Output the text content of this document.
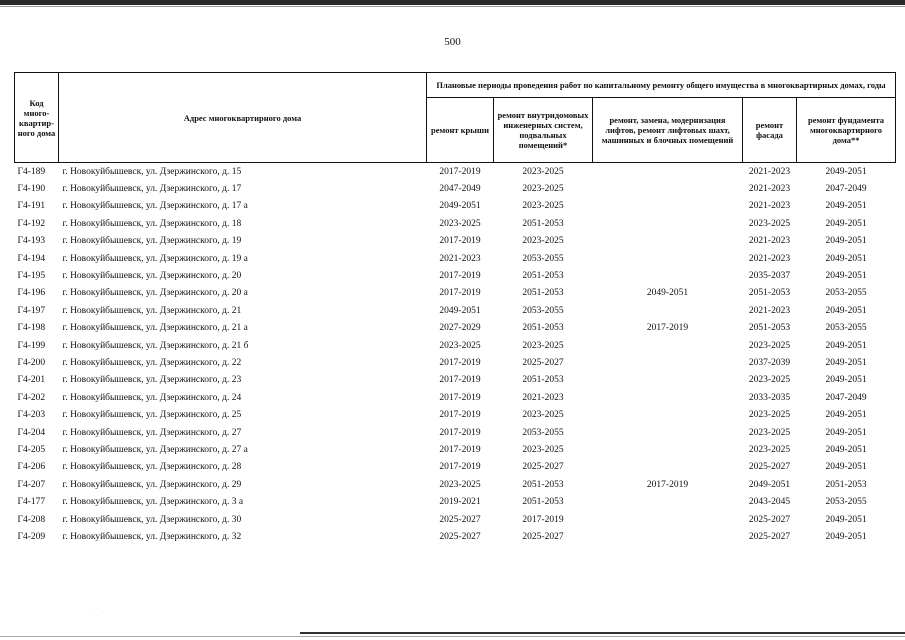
500
Код много-квартир-ного дома	Адрес многоквартирного дома	Плановые периоды проведения работ по капитальному ремонту общего имущества в многоквартирных домах, годы				
		ремонт крыши	ремонт внутридомовых инженерных систем, подвальных помещений*	ремонт, замена, модернизация лифтов, ремонт лифтовых шахт, машинных и блочных помещений	ремонт фасада	ремонт фундамента многоквартирного дома**
Г4-189	г. Новокуйбышевск, ул. Дзержинского, д. 15	2017-2019	2023-2025		2021-2023	2049-2051
Г4-190	г. Новокуйбышевск, ул. Дзержинского, д. 17	2047-2049	2023-2025		2021-2023	2047-2049
Г4-191	г. Новокуйбышевск, ул. Дзержинского, д. 17 а	2049-2051	2023-2025		2021-2023	2049-2051
Г4-192	г. Новокуйбышевск, ул. Дзержинского, д. 18	2023-2025	2051-2053		2023-2025	2049-2051
Г4-193	г. Новокуйбышевск, ул. Дзержинского, д. 19	2017-2019	2023-2025		2021-2023	2049-2051
Г4-194	г. Новокуйбышевск, ул. Дзержинского, д. 19 а	2021-2023	2053-2055		2021-2023	2049-2051
Г4-195	г. Новокуйбышевск, ул. Дзержинского, д. 20	2017-2019	2051-2053		2035-2037	2049-2051
Г4-196	г. Новокуйбышевск, ул. Дзержинского, д. 20 а	2017-2019	2051-2053	2049-2051	2051-2053	2053-2055
Г4-197	г. Новокуйбышевск, ул. Дзержинского, д. 21	2049-2051	2053-2055		2021-2023	2049-2051
Г4-198	г. Новокуйбышевск, ул. Дзержинского, д. 21 а	2027-2029	2051-2053	2017-2019	2051-2053	2053-2055
Г4-199	г. Новокуйбышевск, ул. Дзержинского, д. 21 б	2023-2025	2023-2025		2023-2025	2049-2051
Г4-200	г. Новокуйбышевск, ул. Дзержинского, д. 22	2017-2019	2025-2027		2037-2039	2049-2051
Г4-201	г. Новокуйбышевск, ул. Дзержинского, д. 23	2017-2019	2051-2053		2023-2025	2049-2051
Г4-202	г. Новокуйбышевск, ул. Дзержинского, д. 24	2017-2019	2021-2023		2033-2035	2047-2049
Г4-203	г. Новокуйбышевск, ул. Дзержинского, д. 25	2017-2019	2023-2025		2023-2025	2049-2051
Г4-204	г. Новокуйбышевск, ул. Дзержинского, д. 27	2017-2019	2053-2055		2023-2025	2049-2051
Г4-205	г. Новокуйбышевск, ул. Дзержинского, д. 27 а	2017-2019	2023-2025		2023-2025	2049-2051
Г4-206	г. Новокуйбышевск, ул. Дзержинского, д. 28	2017-2019	2025-2027		2025-2027	2049-2051
Г4-207	г. Новокуйбышевск, ул. Дзержинского, д. 29	2023-2025	2051-2053	2017-2019	2049-2051	2051-2053
Г4-177	г. Новокуйбышевск, ул. Дзержинского, д. 3 а	2019-2021	2051-2053		2043-2045	2053-2055
Г4-208	г. Новокуйбышевск, ул. Дзержинского, д. 30	2025-2027	2017-2019		2025-2027	2049-2051
Г4-209	г. Новокуйбышевск, ул. Дзержинского, д. 32	2025-2027	2025-2027		2025-2027	2049-2051
· · ·
